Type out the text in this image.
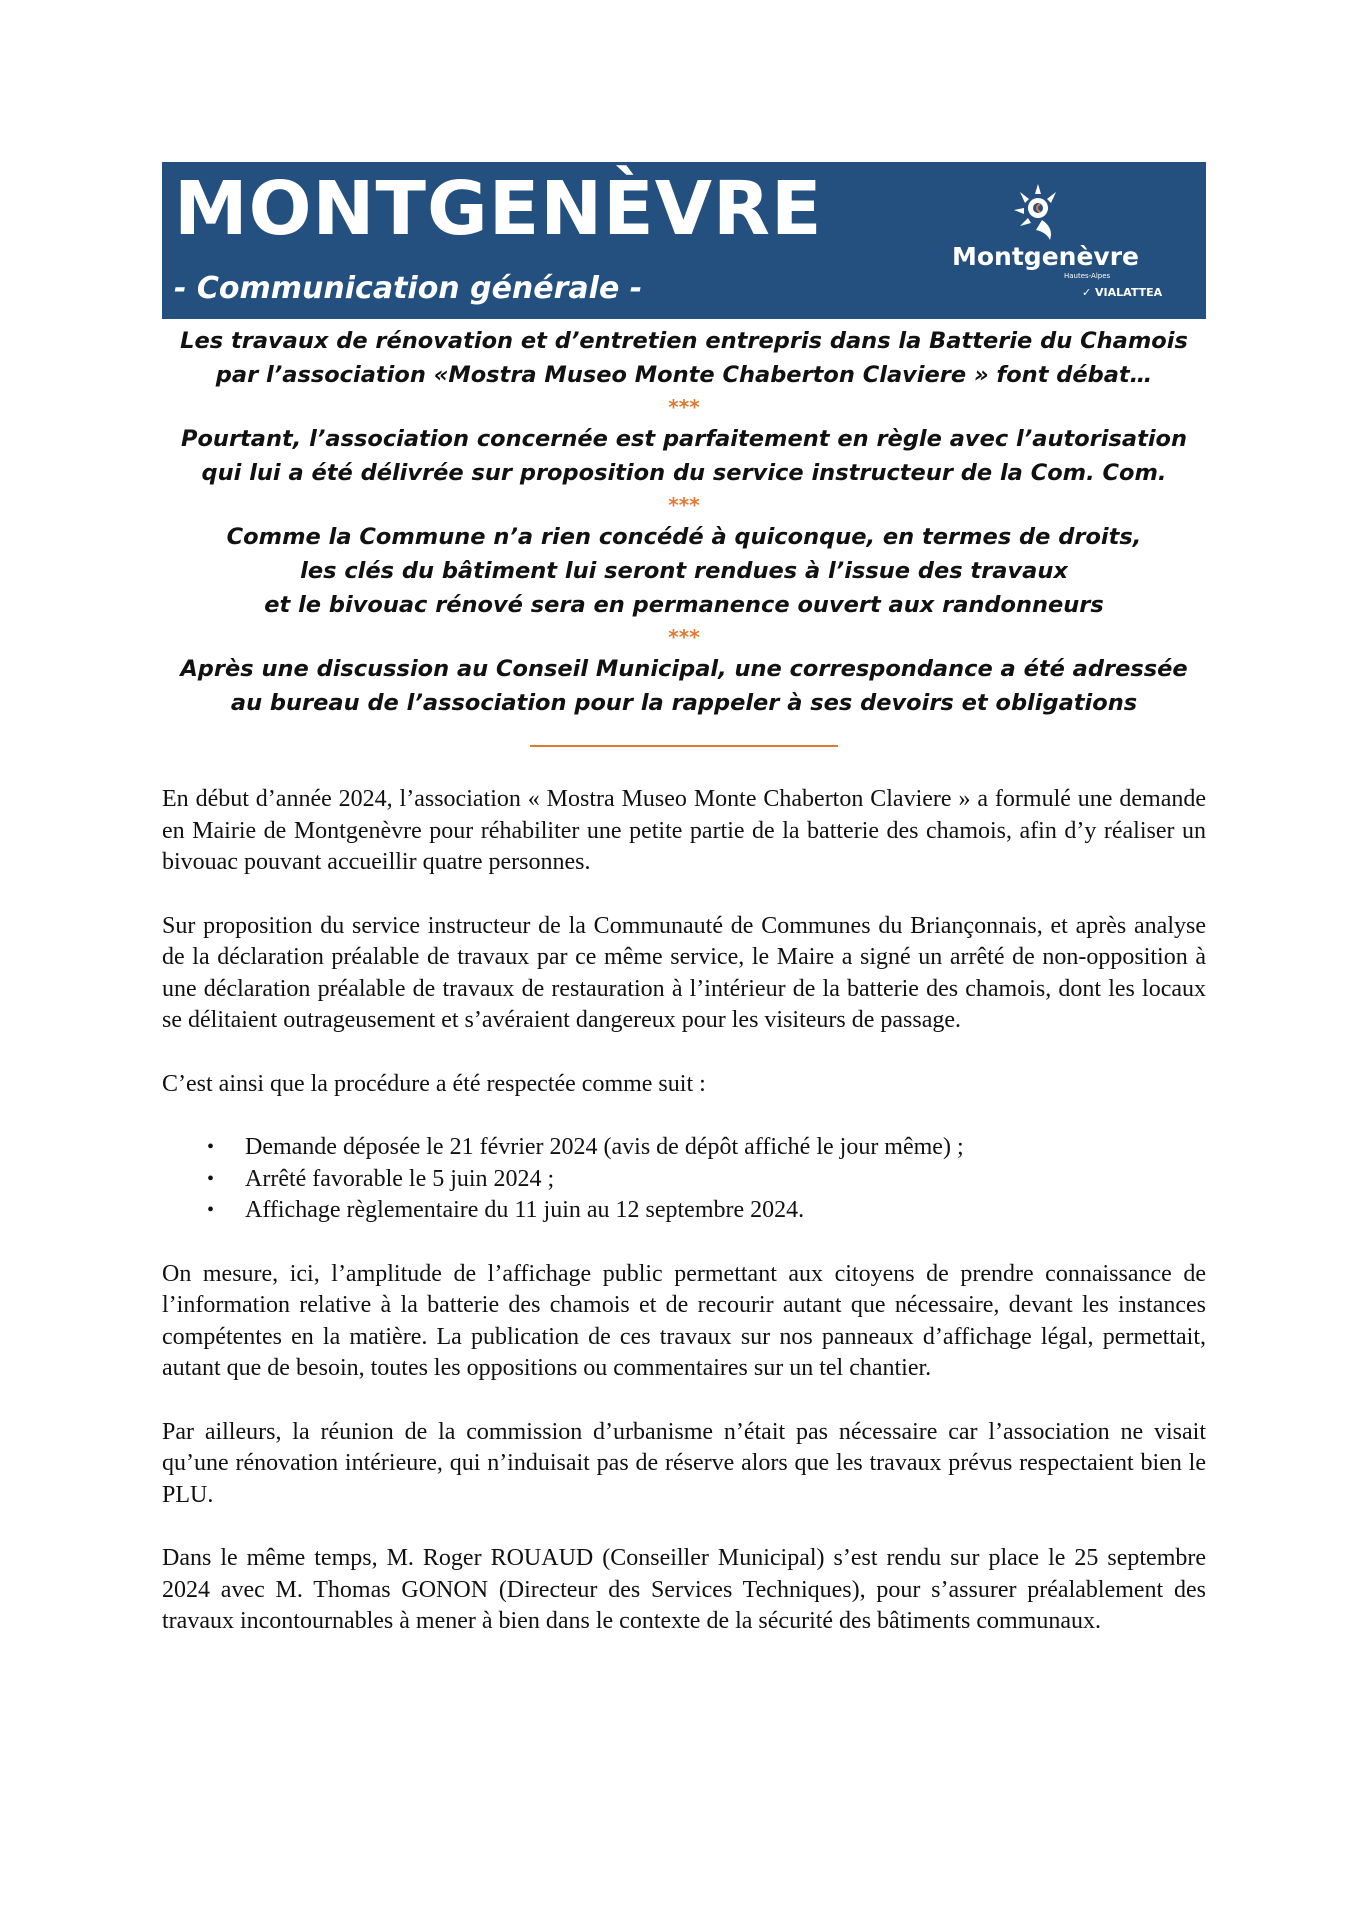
MONTGENÈVRE
- Communication générale -
Montgenèvre
Hautes-Alpes
✓ VIALATTEA
Les travaux de rénovation et d’entretien entrepris dans la Batterie du Chamois
par l’association «Mostra Museo Monte Chaberton Claviere » font débat…
***
Pourtant, l’association concernée est parfaitement en règle avec l’autorisation
qui lui a été délivrée sur proposition du service instructeur de la Com. Com.
***
Comme la Commune n’a rien concédé à quiconque, en termes de droits,
les clés du bâtiment lui seront rendues à l’issue des travaux
et le bivouac rénové sera en permanence ouvert aux randonneurs
***
Après une discussion au Conseil Municipal, une correspondance a été adressée
au bureau de l’association pour la rappeler à ses devoirs et obligations

En début d’année 2024, l’association « Mostra Museo Monte Chaberton Claviere » a formulé une demande en Mairie de Montgenèvre pour réhabiliter une petite partie de la batterie des chamois, afin d’y réaliser un bivouac pouvant accueillir quatre personnes.

Sur proposition du service instructeur de la Communauté de Communes du Briançonnais, et après analyse de la déclaration préalable de travaux par ce même service, le Maire a signé un arrêté de non-opposition à une déclaration préalable de travaux de restauration à l’intérieur de la batterie des chamois, dont les locaux se délitaient outrageusement et s’avéraient dangereux pour les visiteurs de passage.

C’est ainsi que la procédure a été respectée comme suit :

• Demande déposée le 21 février 2024 (avis de dépôt affiché le jour même) ;
• Arrêté favorable le 5 juin 2024 ;
• Affichage règlementaire du 11 juin au 12 septembre 2024.

On mesure, ici, l’amplitude de l’affichage public permettant aux citoyens de prendre connaissance de l’information relative à la batterie des chamois et de recourir autant que nécessaire, devant les instances compétentes en la matière. La publication de ces travaux sur nos panneaux d’affichage légal, permettait, autant que de besoin, toutes les oppositions ou commentaires sur un tel chantier.

Par ailleurs, la réunion de la commission d’urbanisme n’était pas nécessaire car l’association ne visait qu’une rénovation intérieure, qui n’induisait pas de réserve alors que les travaux prévus respectaient bien le PLU.

Dans le même temps, M. Roger ROUAUD (Conseiller Municipal) s’est rendu sur place le 25 septembre 2024 avec M. Thomas GONON (Directeur des Services Techniques), pour s’assurer préalablement des travaux incontournables à mener à bien dans le contexte de la sécurité des bâtiments communaux.
